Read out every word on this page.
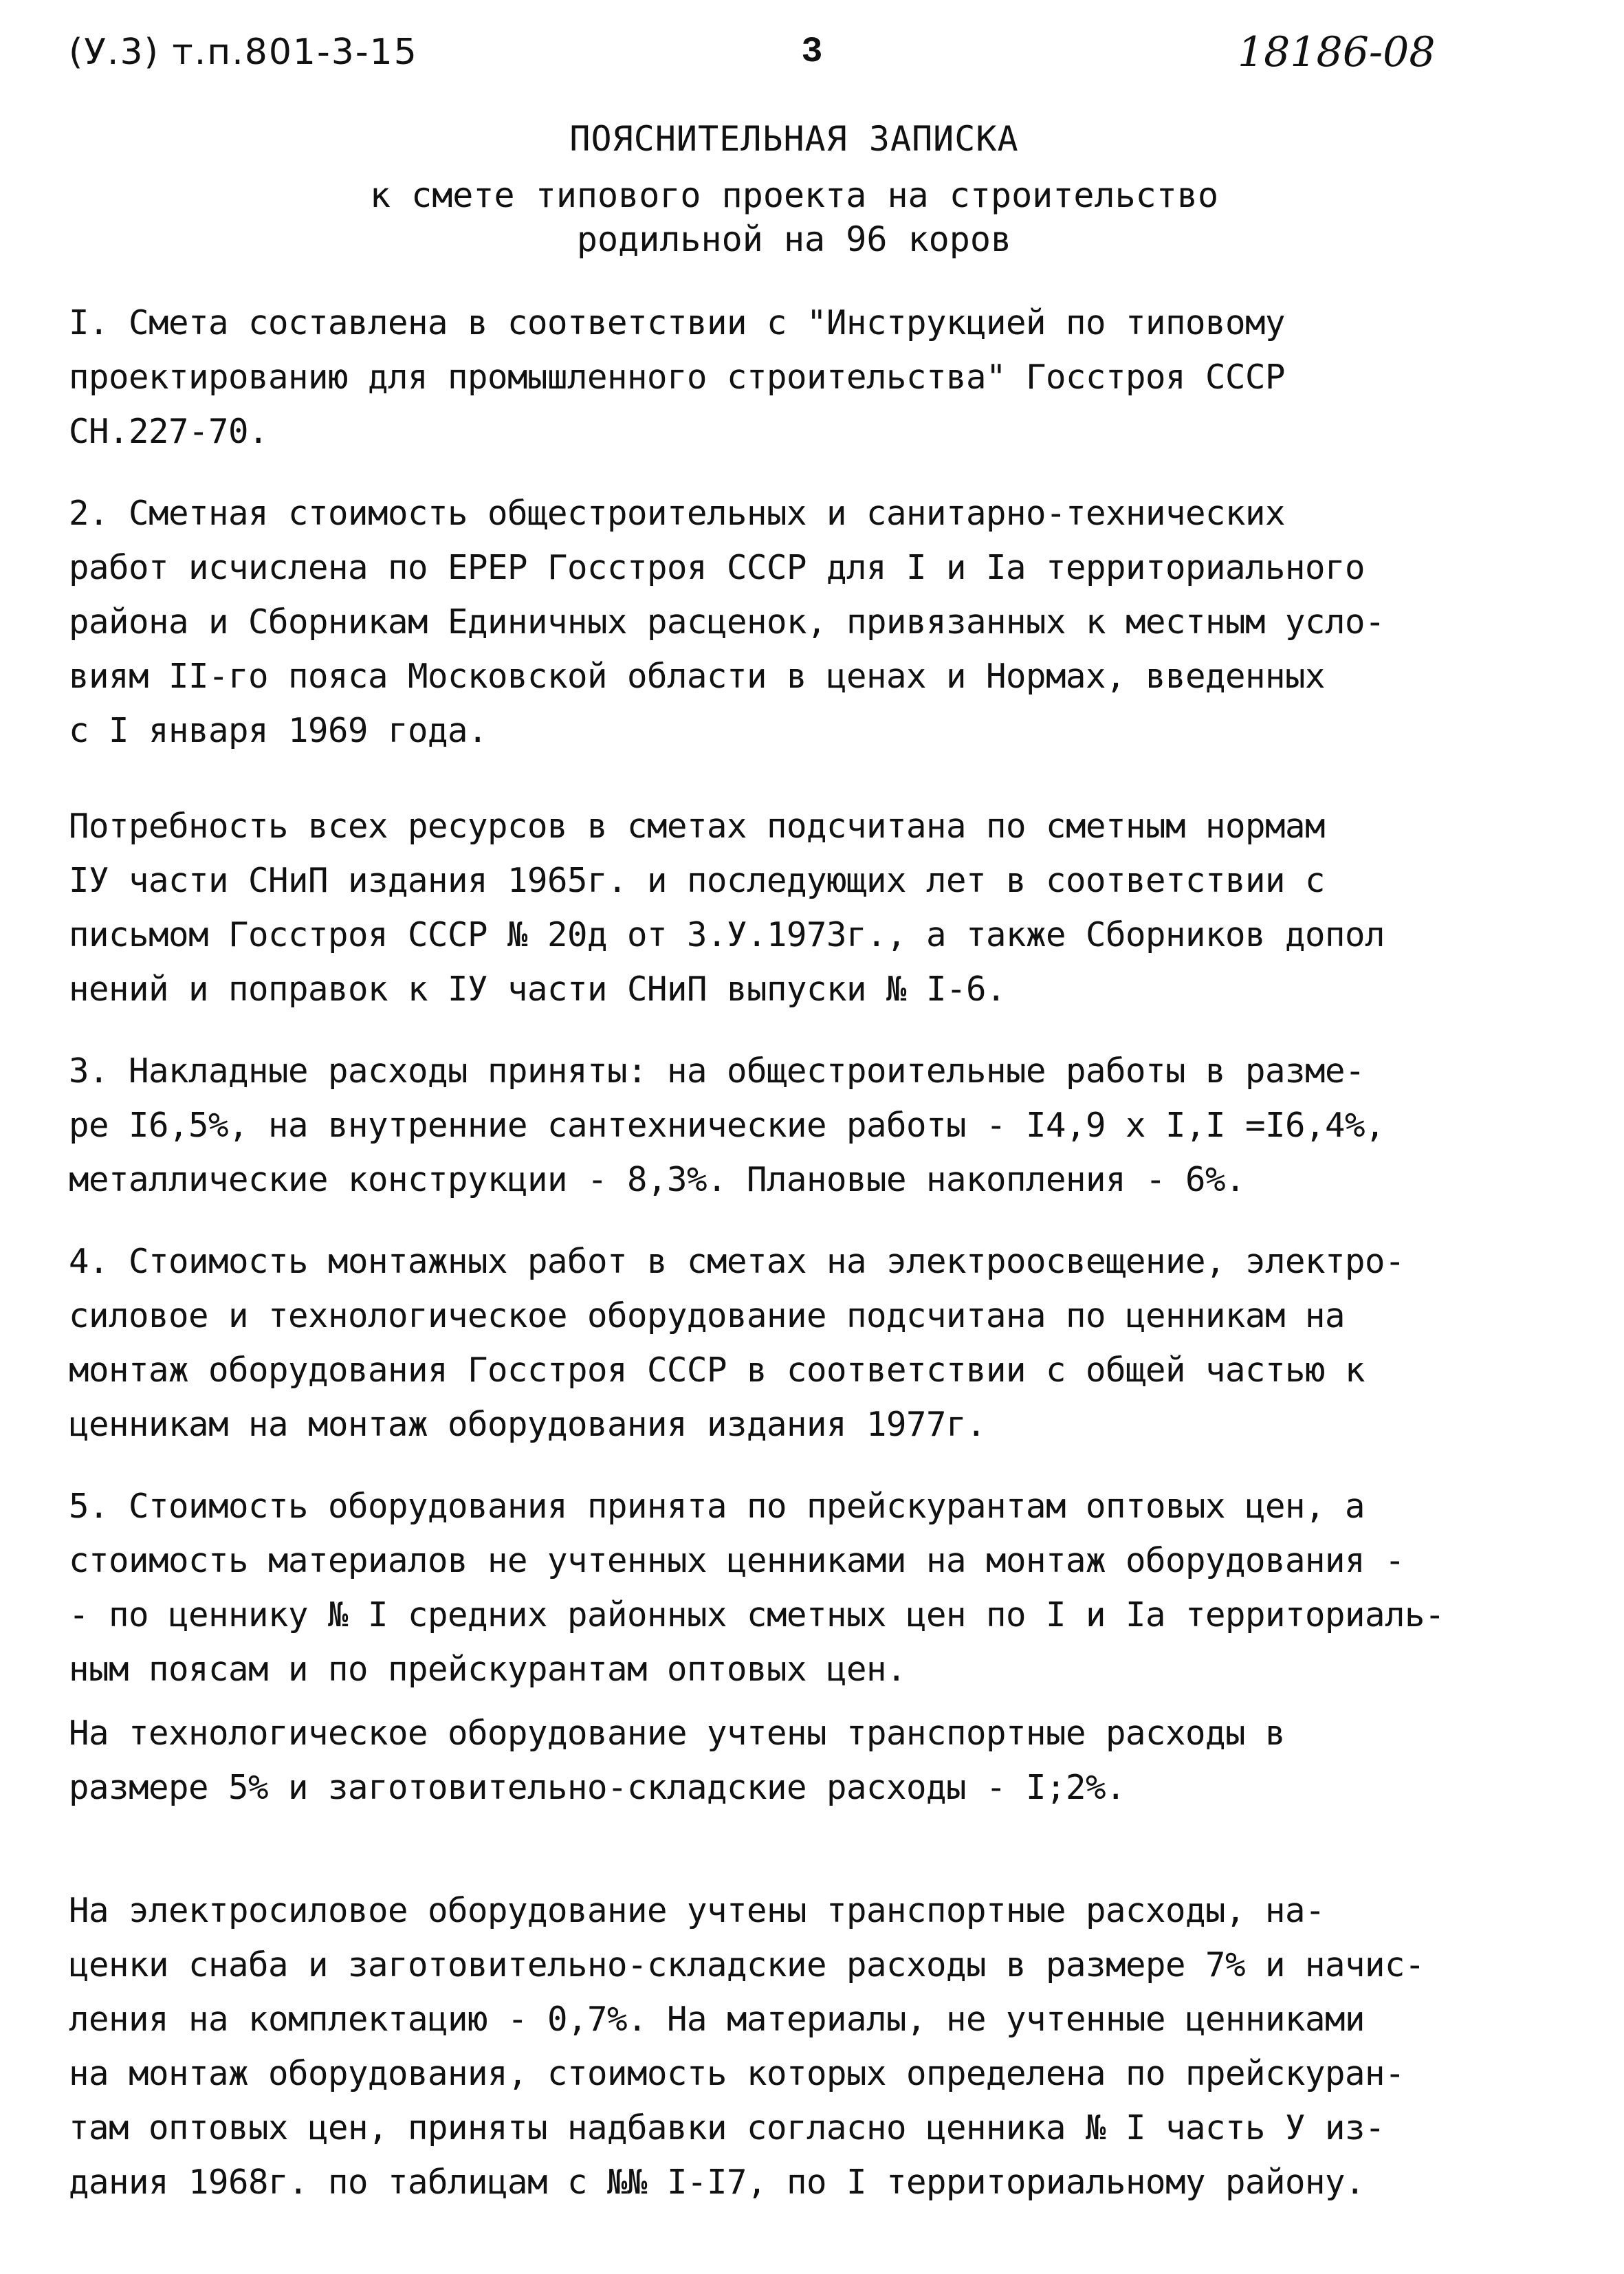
(У.3) т.п.801-3-15	3	18186-08
ПОЯСНИТЕЛЬНАЯ ЗАПИСКА
к смете типового проекта на строительство
родильной на 96 коров
I. Смета составлена в соответствии с "Инструкцией по типовому
проектированию для промышленного строительства" Госстроя СССР
СН.227-70.
2. Сметная стоимость общестроительных и санитарно-технических
работ исчислена по ЕРЕР Госстроя СССР для I и Iа территориального
района и Сборникам Единичных расценок, привязанных к местным усло-
виям II-го пояса Московской области в ценах и Нормах, введенных
с I января 1969 года.
Потребность всех ресурсов в сметах подсчитана по сметным нормам
IУ части СНиП издания 1965г. и последующих лет в соответствии с
письмом Госстроя СССР № 20д от 3.У.1973г., а также Сборников допол
нений и поправок к IУ части СНиП выпуски № I-6.
3. Накладные расходы приняты: на общестроительные работы в разме-
ре I6,5%, на внутренние сантехнические работы - I4,9 х I,I =I6,4%,
металлические конструкции - 8,3%. Плановые накопления - 6%.
4. Стоимость монтажных работ в сметах на электроосвещение, электро-
силовое и технологическое оборудование подсчитана по ценникам на
монтаж оборудования Госстроя СССР в соответствии с общей частью к
ценникам на монтаж оборудования издания 1977г.
5. Стоимость оборудования принята по прейскурантам оптовых цен, а
стоимость материалов не учтенных ценниками на монтаж оборудования -
- по ценнику № I средних районных сметных цен по I и Iа территориаль-
ным поясам и по прейскурантам оптовых цен.
На технологическое оборудование учтены транспортные расходы в
размере 5% и заготовительно-складские расходы - I;2%.
На электросиловое оборудование учтены транспортные расходы, на-
ценки снаба и заготовительно-складские расходы в размере 7% и начис-
ления на комплектацию - 0,7%. На материалы, не учтенные ценниками
на монтаж оборудования, стоимость которых определена по прейскуран-
там оптовых цен, приняты надбавки согласно ценника № I часть У из-
дания 1968г. по таблицам с №№ I-I7, по I территориальному району.
